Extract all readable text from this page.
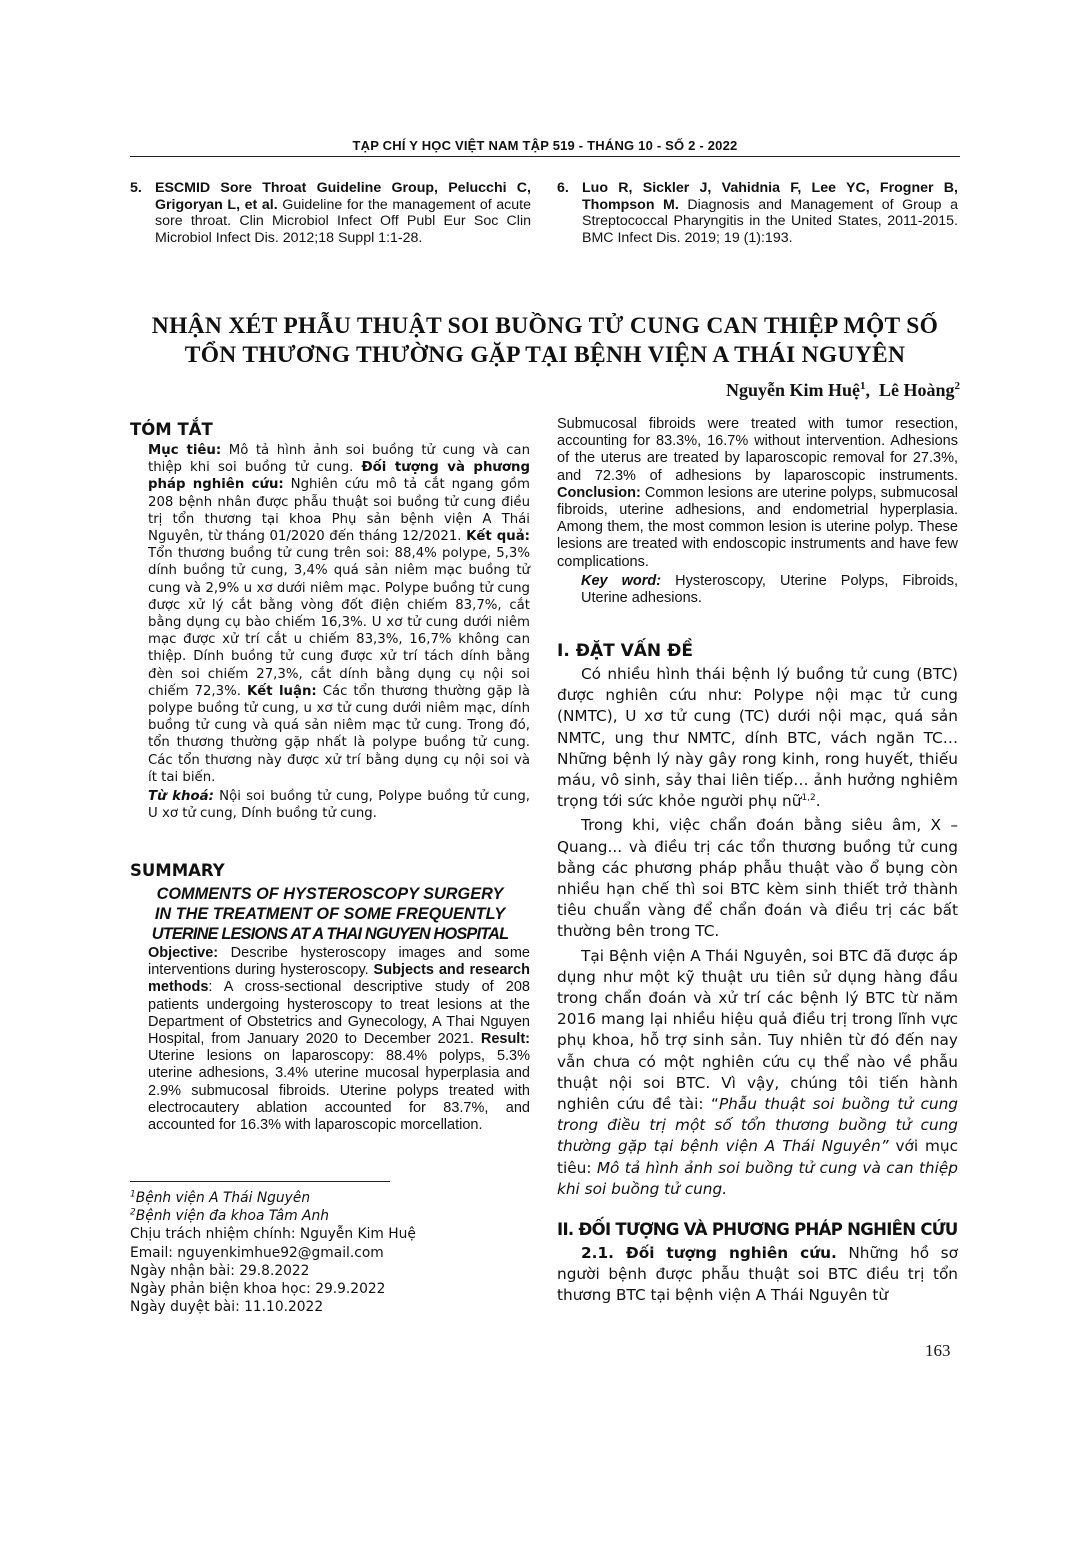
TẠP CHÍ Y HỌC VIỆT NAM TẬP 519 - THÁNG 10 - SỐ 2 - 2022
5. ESCMID Sore Throat Guideline Group, Pelucchi C, Grigoryan L, et al. Guideline for the management of acute sore throat. Clin Microbiol Infect Off Publ Eur Soc Clin Microbiol Infect Dis. 2012;18 Suppl 1:1-28.
6. Luo R, Sickler J, Vahidnia F, Lee YC, Frogner B, Thompson M. Diagnosis and Management of Group a Streptococcal Pharyngitis in the United States, 2011-2015. BMC Infect Dis. 2019; 19 (1):193.
NHẬN XÉT PHẪU THUẬT SOI BUỒNG TỬ CUNG CAN THIỆP MỘT SỐ
TỔN THƯƠNG THƯỜNG GẶP TẠI BỆNH VIỆN A THÁI NGUYÊN
Nguyễn Kim Huệ$^1$,  Lê Hoàng$^2$
TÓM TẮT
Mục tiêu: Mô tả hình ảnh soi buồng tử cung và can thiệp khi soi buồng tử cung. Đối tượng và phương pháp nghiên cứu: Nghiên cứu mô tả cắt ngang gồm 208 bệnh nhân được phẫu thuật soi buồng tử cung điều trị tổn thương tại khoa Phụ sản bệnh viện A Thái Nguyên, từ tháng 01/2020 đến tháng 12/2021. Kết quả: Tổn thương buồng tử cung trên soi: 88,4% polype, 5,3% dính buồng tử cung, 3,4% quá sản niêm mạc buồng tử cung và 2,9% u xơ dưới niêm mạc. Polype buồng tử cung được xử lý cắt bằng vòng đốt điện chiếm 83,7%, cắt bằng dụng cụ bào chiếm 16,3%. U xơ tử cung dưới niêm mạc được xử trí cắt u chiếm 83,3%, 16,7% không can thiệp. Dính buồng tử cung được xử trí tách dính bằng đèn soi chiếm 27,3%, cắt dính bằng dụng cụ nội soi chiếm 72,3%. Kết luận: Các tổn thương thường gặp là polype buồng tử cung, u xơ tử cung dưới niêm mạc, dính buồng tử cung và quá sản niêm mạc tử cung. Trong đó, tổn thương thường gặp nhất là polype buồng tử cung. Các tổn thương này được xử trí bằng dụng cụ nội soi và ít tai biến.
Từ khoá: Nội soi buồng tử cung, Polype buồng tử cung, U xơ tử cung, Dính buồng tử cung.
SUMMARY
COMMENTS OF HYSTEROSCOPY SURGERY
IN THE TREATMENT OF SOME FREQUENTLY
UTERINE LESIONS AT A THAI NGUYEN HOSPITAL
Objective: Describe hysteroscopy images and some interventions during hysteroscopy. Subjects and research methods: A cross-sectional descriptive study of 208 patients undergoing hysteroscopy to treat lesions at the Department of Obstetrics and Gynecology, A Thai Nguyen Hospital, from January 2020 to December 2021. Result: Uterine lesions on laparoscopy: 88.4% polyps, 5.3% uterine adhesions, 3.4% uterine mucosal hyperplasia and 2.9% submucosal fibroids. Uterine polyps treated with electrocautery ablation accounted for 83.7%, and accounted for 16.3% with laparoscopic morcellation.
$^1$Bệnh viện A Thái Nguyên
$^2$Bệnh viện đa khoa Tâm Anh
Chịu trách nhiệm chính: Nguyễn Kim Huệ
Email: nguyenkimhue92@gmail.com
Ngày nhận bài: 29.8.2022
Ngày phản biện khoa học: 29.9.2022
Ngày duyệt bài: 11.10.2022
Submucosal fibroids were treated with tumor resection, accounting for 83.3%, 16.7% without intervention. Adhesions of the uterus are treated by laparoscopic removal for 27.3%, and 72.3% of adhesions by laparoscopic instruments. Conclusion: Common lesions are uterine polyps, submucosal fibroids, uterine adhesions, and endometrial hyperplasia. Among them, the most common lesion is uterine polyp. These lesions are treated with endoscopic instruments and have few complications.
Key word: Hysteroscopy, Uterine Polyps, Fibroids, Uterine adhesions.
I. ĐẶT VẤN ĐỀ
Có nhiều hình thái bệnh lý buồng tử cung (BTC) được nghiên cứu như: Polype nội mạc tử cung (NMTC), U xơ tử cung (TC) dưới nội mạc, quá sản NMTC, ung thư NMTC, dính BTC, vách ngăn TC… Những bệnh lý này gây rong kinh, rong huyết, thiếu máu, vô sinh, sảy thai liên tiếp… ảnh hưởng nghiêm trọng tới sức khỏe người phụ nữ$^{1,2}$.
Trong khi, việc chẩn đoán bằng siêu âm, X – Quang... và điều trị các tổn thương buồng tử cung bằng các phương pháp phẫu thuật vào ổ bụng còn nhiều hạn chế thì soi BTC kèm sinh thiết trở thành tiêu chuẩn vàng để chẩn đoán và điều trị các bất thường bên trong TC.
Tại Bệnh viện A Thái Nguyên, soi BTC đã được áp dụng như một kỹ thuật ưu tiên sử dụng hàng đầu trong chẩn đoán và xử trí các bệnh lý BTC từ năm 2016 mang lại nhiều hiệu quả điều trị trong lĩnh vực phụ khoa, hỗ trợ sinh sản. Tuy nhiên từ đó đến nay vẫn chưa có một nghiên cứu cụ thể nào về phẫu thuật nội soi BTC. Vì vậy, chúng tôi tiến hành nghiên cứu đề tài: “Phẫu thuật soi buồng tử cung trong điều trị một số tổn thương buồng tử cung thường gặp tại bệnh viện A Thái Nguyên” với mục tiêu: Mô tả hình ảnh soi buồng tử cung và can thiệp khi soi buồng tử cung.
II. ĐỐI TƯỢNG VÀ PHƯƠNG PHÁP NGHIÊN CỨU
2.1. Đối tượng nghiên cứu. Những hồ sơ người bệnh được phẫu thuật soi BTC điều trị tổn thương BTC tại bệnh viện A Thái Nguyên từ
163
